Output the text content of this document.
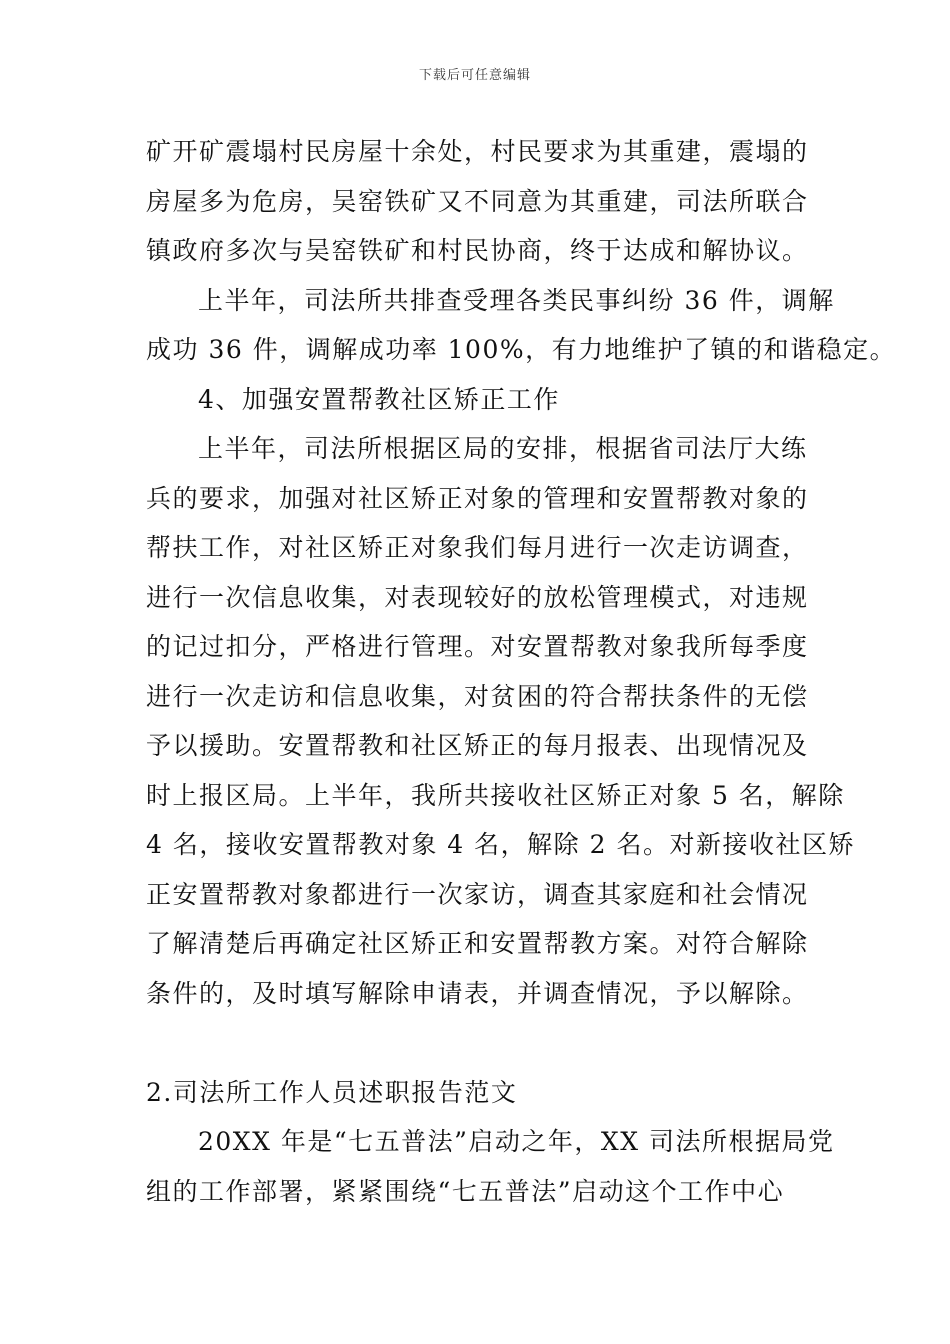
下载后可任意编辑
矿开矿震塌村民房屋十余处，村民要求为其重建，震塌的
房屋多为危房，吴窑铁矿又不同意为其重建，司法所联合
镇政府多次与吴窑铁矿和村民协商，终于达成和解协议。
上半年，司法所共排查受理各类民事纠纷 36 件，调解
成功 36 件，调解成功率 100%，有力地维护了镇的和谐稳定。
4、加强安置帮教社区矫正工作
上半年，司法所根据区局的安排，根据省司法厅大练
兵的要求，加强对社区矫正对象的管理和安置帮教对象的
帮扶工作，对社区矫正对象我们每月进行一次走访调查，
进行一次信息收集，对表现较好的放松管理模式，对违规
的记过扣分，严格进行管理。对安置帮教对象我所每季度
进行一次走访和信息收集，对贫困的符合帮扶条件的无偿
予以援助。安置帮教和社区矫正的每月报表、出现情况及
时上报区局。上半年，我所共接收社区矫正对象 5 名，解除
4 名，接收安置帮教对象 4 名，解除 2 名。对新接收社区矫
正安置帮教对象都进行一次家访，调查其家庭和社会情况
了解清楚后再确定社区矫正和安置帮教方案。对符合解除
条件的，及时填写解除申请表，并调查情况，予以解除。
2.司法所工作人员述职报告范文
20XX 年是“七五普法”启动之年，XX 司法所根据局党
组的工作部署，紧紧围绕“七五普法”启动这个工作中心
